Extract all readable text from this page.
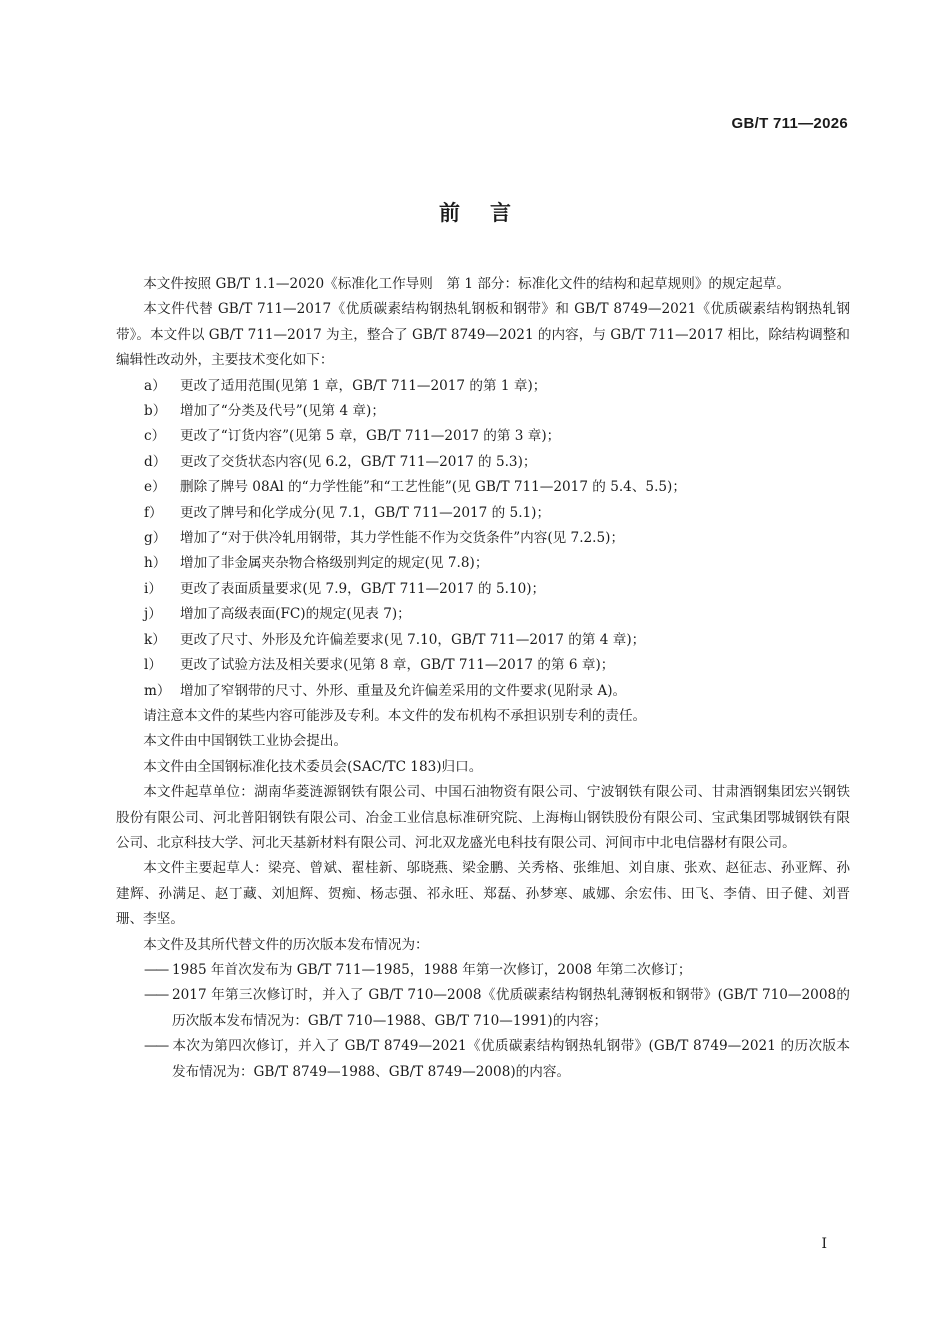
GB/T 711—2026
前言

本文件按照 GB/T 1.1—2020《标准化工作导则　第 1 部分：标准化文件的结构和起草规则》的规定起草。

本文件代替 GB/T 711—2017《优质碳素结构钢热轧钢板和钢带》和 GB/T 8749—2021《优质碳素结构钢热轧钢带》。本文件以 GB/T 711—2017 为主，整合了 GB/T 8749—2021 的内容，与 GB/T 711—2017 相比，除结构调整和编辑性改动外，主要技术变化如下：

a） 更改了适用范围(见第 1 章，GB/T 711—2017 的第 1 章)；

b） 增加了“分类及代号”(见第 4 章)；

c） 更改了“订货内容”(见第 5 章，GB/T 711—2017 的第 3 章)；

d） 更改了交货状态内容(见 6.2，GB/T 711—2017 的 5.3)；

e） 删除了牌号 08Al 的“力学性能”和“工艺性能”(见 GB/T 711—2017 的 5.4、5.5)；

f） 更改了牌号和化学成分(见 7.1，GB/T 711—2017 的 5.1)；

g） 增加了“对于供冷轧用钢带，其力学性能不作为交货条件”内容(见 7.2.5)；

h） 增加了非金属夹杂物合格级别判定的规定(见 7.8)；

i） 更改了表面质量要求(见 7.9，GB/T 711—2017 的 5.10)；

j） 增加了高级表面(FC)的规定(见表 7)；

k） 更改了尺寸、外形及允许偏差要求(见 7.10，GB/T 711—2017 的第 4 章)；

l） 更改了试验方法及相关要求(见第 8 章，GB/T 711—2017 的第 6 章)；

m） 增加了窄钢带的尺寸、外形、重量及允许偏差采用的文件要求(见附录 A)。

请注意本文件的某些内容可能涉及专利。本文件的发布机构不承担识别专利的责任。

本文件由中国钢铁工业协会提出。

本文件由全国钢标准化技术委员会(SAC/TC 183)归口。

本文件起草单位：湖南华菱涟源钢铁有限公司、中国石油物资有限公司、宁波钢铁有限公司、甘肃酒钢集团宏兴钢铁股份有限公司、河北普阳钢铁有限公司、冶金工业信息标准研究院、上海梅山钢铁股份有限公司、宝武集团鄂城钢铁有限公司、北京科技大学、河北天基新材料有限公司、河北双龙盛光电科技有限公司、河间市中北电信器材有限公司。

本文件主要起草人：梁亮、曾斌、翟桂新、邬晓燕、梁金鹏、关秀格、张维旭、刘自康、张欢、赵征志、孙亚辉、孙建辉、孙满足、赵丁藏、刘旭辉、贺痴、杨志强、祁永旺、郑磊、孙梦寒、戚娜、余宏伟、田飞、李倩、田子健、刘晋珊、李坚。

本文件及其所代替文件的历次版本发布情况为：

—— 1985 年首次发布为 GB/T 711—1985，1988 年第一次修订，2008 年第二次修订；

—— 2017 年第三次修订时，并入了 GB/T 710—2008《优质碳素结构钢热轧薄钢板和钢带》(GB/T 710—2008的历次版本发布情况为：GB/T 710—1988、GB/T 710—1991)的内容；

—— 本次为第四次修订，并入了 GB/T 8749—2021《优质碳素结构钢热轧钢带》(GB/T 8749—2021 的历次版本发布情况为：GB/T 8749—1988、GB/T 8749—2008)的内容。

I
